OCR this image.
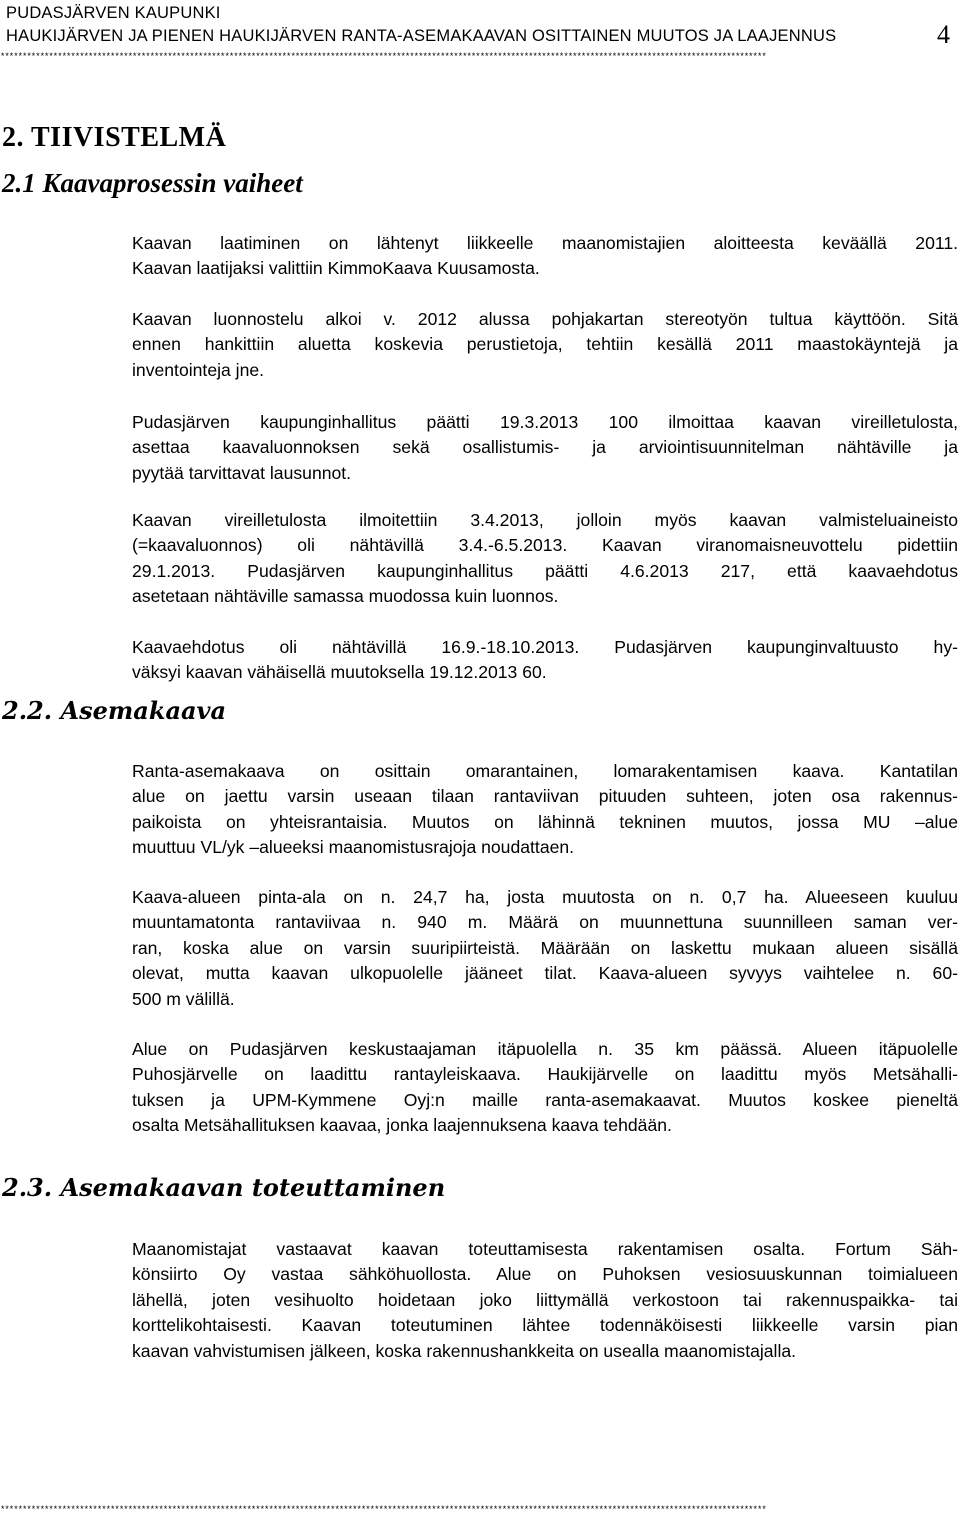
PUDASJÄRVEN KAUPUNKI
HAUKIJÄRVEN JA PIENEN HAUKIJÄRVEN RANTA-ASEMAKAAVAN OSITTAINEN MUUTOS JA LAAJENNUS	4
******************************************************************************************************************************************************************************
2. TIIVISTELMÄ
2.1 Kaavaprosessin vaiheet
Kaavan laatiminen on lähtenyt liikkeelle maanomistajien aloitteesta keväällä 2011.
Kaavan laatijaksi valittiin KimmoKaava Kuusamosta.
Kaavan luonnostelu alkoi v. 2012 alussa pohjakartan stereotyön tultua käyttöön. Sitä
ennen hankittiin aluetta koskevia perustietoja, tehtiin kesällä 2011 maastokäyntejä ja
inventointeja jne.
Pudasjärven kaupunginhallitus päätti 19.3.2013 100 ilmoittaa kaavan vireilletulosta,
asettaa kaavaluonnoksen sekä osallistumis- ja arviointisuunnitelman nähtäville ja
pyytää tarvittavat lausunnot.
Kaavan vireilletulosta ilmoitettiin 3.4.2013, jolloin myös kaavan valmisteluaineisto
(=kaavaluonnos) oli nähtävillä 3.4.-6.5.2013. Kaavan viranomaisneuvottelu pidettiin
29.1.2013. Pudasjärven kaupunginhallitus päätti 4.6.2013 217, että kaavaehdotus
asetetaan nähtäville samassa muodossa kuin luonnos.
Kaavaehdotus oli nähtävillä 16.9.-18.10.2013. Pudasjärven kaupunginvaltuusto hy-
väksyi kaavan vähäisellä muutoksella 19.12.2013 60.
2.2. Asemakaava
Ranta-asemakaava on osittain omarantainen, lomarakentamisen kaava. Kantatilan
alue on jaettu varsin useaan tilaan rantaviivan pituuden suhteen, joten osa rakennus-
paikoista on yhteisrantaisia. Muutos on lähinnä tekninen muutos, jossa MU –alue
muuttuu VL/yk –alueeksi maanomistusrajoja noudattaen.
Kaava-alueen pinta-ala on n. 24,7 ha, josta muutosta on n. 0,7 ha. Alueeseen kuuluu
muuntamatonta rantaviivaa n. 940 m. Määrä on muunnettuna suunnilleen saman ver-
ran, koska alue on varsin suuripiirteistä. Määrään on laskettu mukaan alueen sisällä
olevat, mutta kaavan ulkopuolelle jääneet tilat. Kaava-alueen syvyys vaihtelee n. 60-
500 m välillä.
Alue on Pudasjärven keskustaajaman itäpuolella n. 35 km päässä. Alueen itäpuolelle
Puhosjärvelle on laadittu rantayleiskaava. Haukijärvelle on laadittu myös Metsähalli-
tuksen ja UPM-Kymmene Oyj:n maille ranta-asemakaavat. Muutos koskee pieneltä
osalta Metsähallituksen kaavaa, jonka laajennuksena kaava tehdään.
2.3. Asemakaavan toteuttaminen
Maanomistajat vastaavat kaavan toteuttamisesta rakentamisen osalta. Fortum Säh-
könsiirto Oy vastaa sähköhuollosta. Alue on Puhoksen vesiosuuskunnan toimialueen
lähellä, joten vesihuolto hoidetaan joko liittymällä verkostoon tai rakennuspaikka- tai
korttelikohtaisesti. Kaavan toteutuminen lähtee todennäköisesti liikkeelle varsin pian
kaavan vahvistumisen jälkeen, koska rakennushankkeita on usealla maanomistajalla.
******************************************************************************************************************************************************************************
